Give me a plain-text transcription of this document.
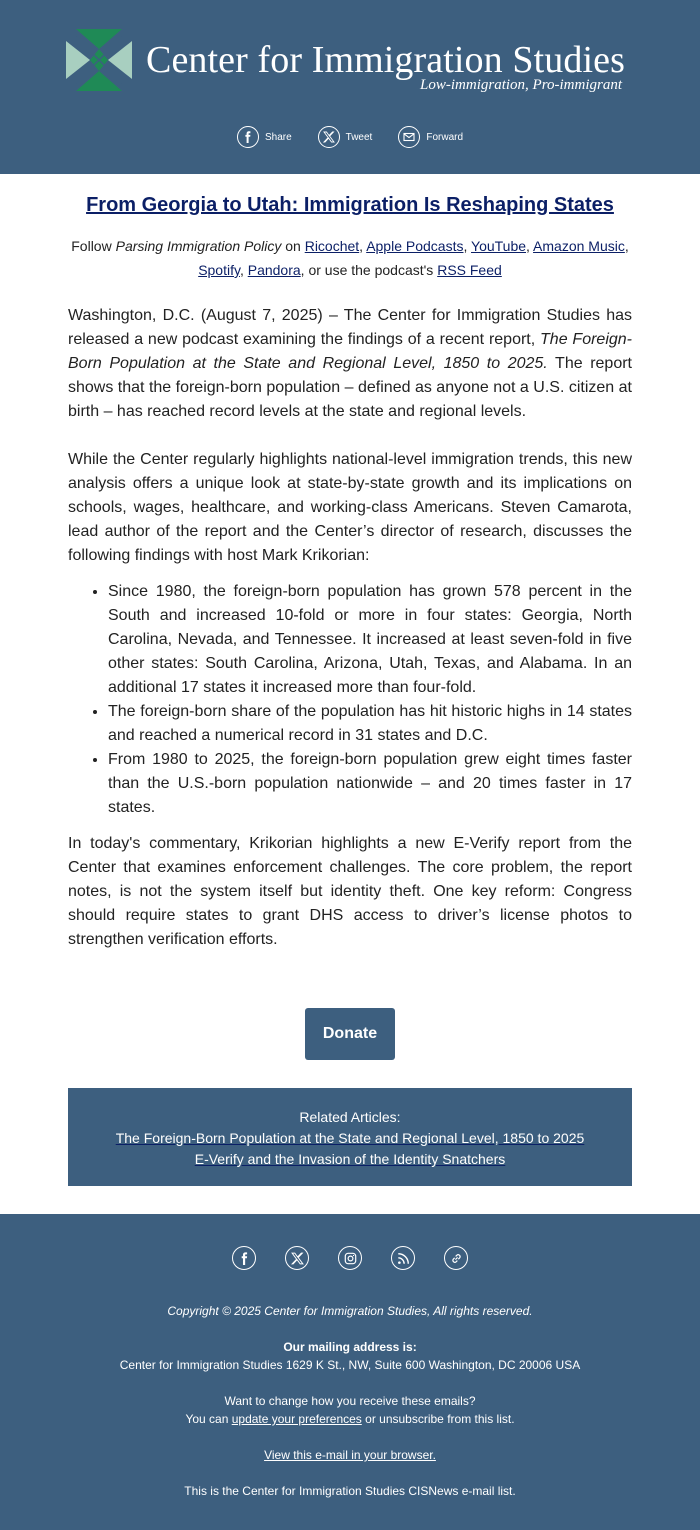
Center for Immigration Studies
Low-immigration, Pro-immigrant
Share	Tweet	Forward
From Georgia to Utah: Immigration Is Reshaping States
Follow Parsing Immigration Policy on Ricochet, Apple Podcasts, YouTube, Amazon Music, Spotify, Pandora, or use the podcast's RSS Feed

Washington, D.C. (August 7, 2025) – The Center for Immigration Studies has released a new podcast examining the findings of a recent report, The Foreign-Born Population at the State and Regional Level, 1850 to 2025. The report shows that the foreign-born population – defined as anyone not a U.S. citizen at birth – has reached record levels at the state and regional levels.

While the Center regularly highlights national-level immigration trends, this new analysis offers a unique look at state-by-state growth and its implications on schools, wages, healthcare, and working-class Americans. Steven Camarota, lead author of the report and the Center’s director of research, discusses the following findings with host Mark Krikorian:

• Since 1980, the foreign-born population has grown 578 percent in the South and increased 10-fold or more in four states: Georgia, North Carolina, Nevada, and Tennessee. It increased at least seven-fold in five other states: South Carolina, Arizona, Utah, Texas, and Alabama. In an additional 17 states it increased more than four-fold.
• The foreign-born share of the population has hit historic highs in 14 states and reached a numerical record in 31 states and D.C.
• From 1980 to 2025, the foreign-born population grew eight times faster than the U.S.-born population nationwide – and 20 times faster in 17 states.

In today's commentary, Krikorian highlights a new E-Verify report from the Center that examines enforcement challenges. The core problem, the report notes, is not the system itself but identity theft. One key reform: Congress should require states to grant DHS access to driver’s license photos to strengthen verification efforts.

Donate
Related Articles:
The Foreign-Born Population at the State and Regional Level, 1850 to 2025
E-Verify and the Invasion of the Identity Snatchers
Copyright © 2025 Center for Immigration Studies, All rights reserved.
Our mailing address is:
Center for Immigration Studies 1629 K St., NW, Suite 600 Washington, DC 20006 USA
Want to change how you receive these emails?
You can update your preferences or unsubscribe from this list.
View this e-mail in your browser.
This is the Center for Immigration Studies CISNews e-mail list.
